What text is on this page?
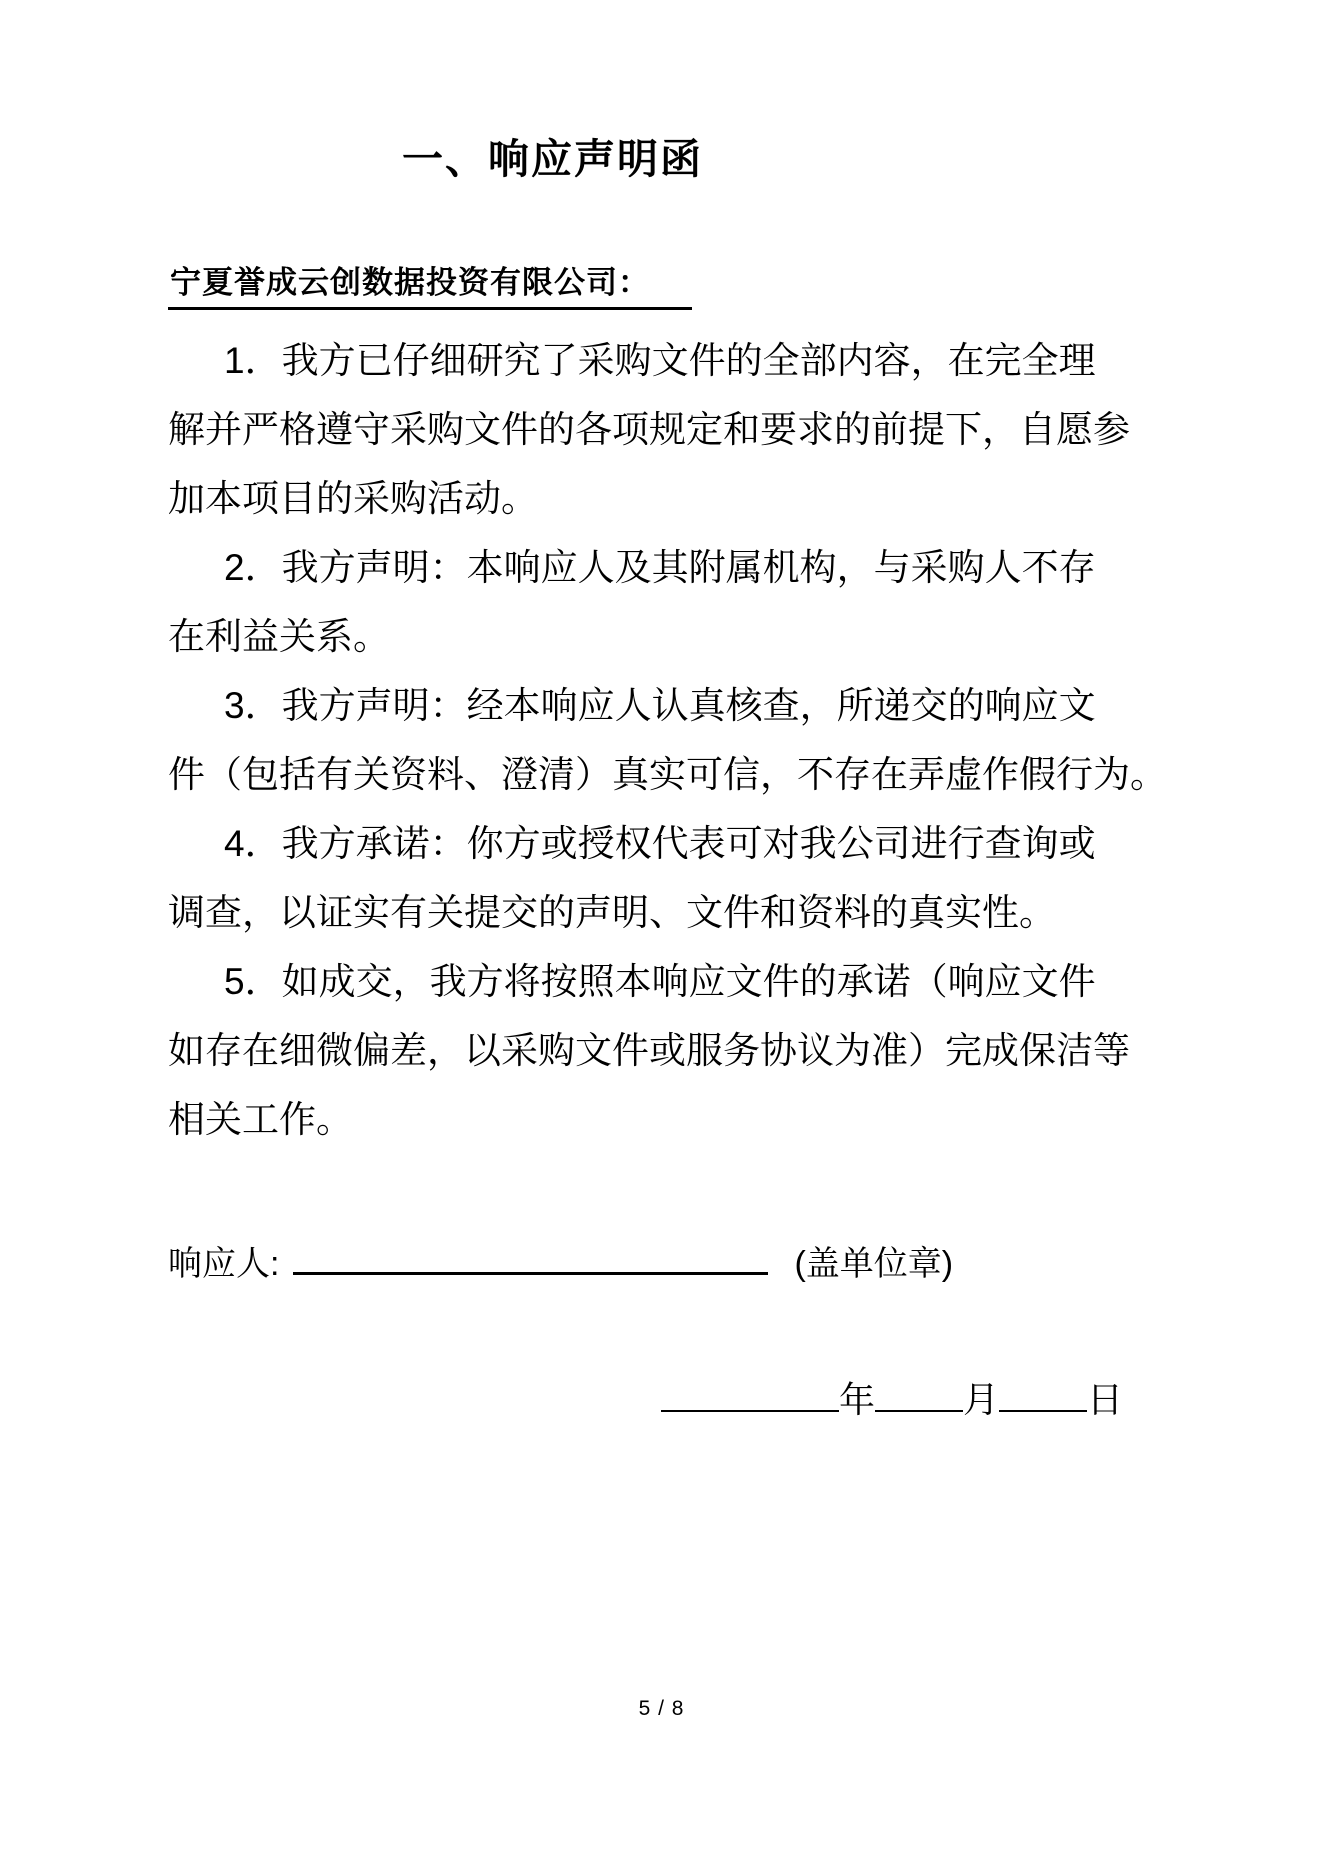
一、响应声明函
宁夏誉成云创数据投资有限公司：

1．我方已仔细研究了采购文件的全部内容，在完全理
解并严格遵守采购文件的各项规定和要求的前提下，自愿参
加本项目的采购活动。

2．我方声明：本响应人及其附属机构，与采购人不存
在利益关系。

3．我方声明：经本响应人认真核查，所递交的响应文
件（包括有关资料、澄清）真实可信，不存在弄虚作假行为。

4．我方承诺：你方或授权代表可对我公司进行查询或
调查，以证实有关提交的声明、文件和资料的真实性。

5．如成交，我方将按照本响应文件的承诺（响应文件
如存在细微偏差，以采购文件或服务协议为准）完成保洁等
相关工作。

响应人:	(盖单位章)
年 月 日
5 / 8
